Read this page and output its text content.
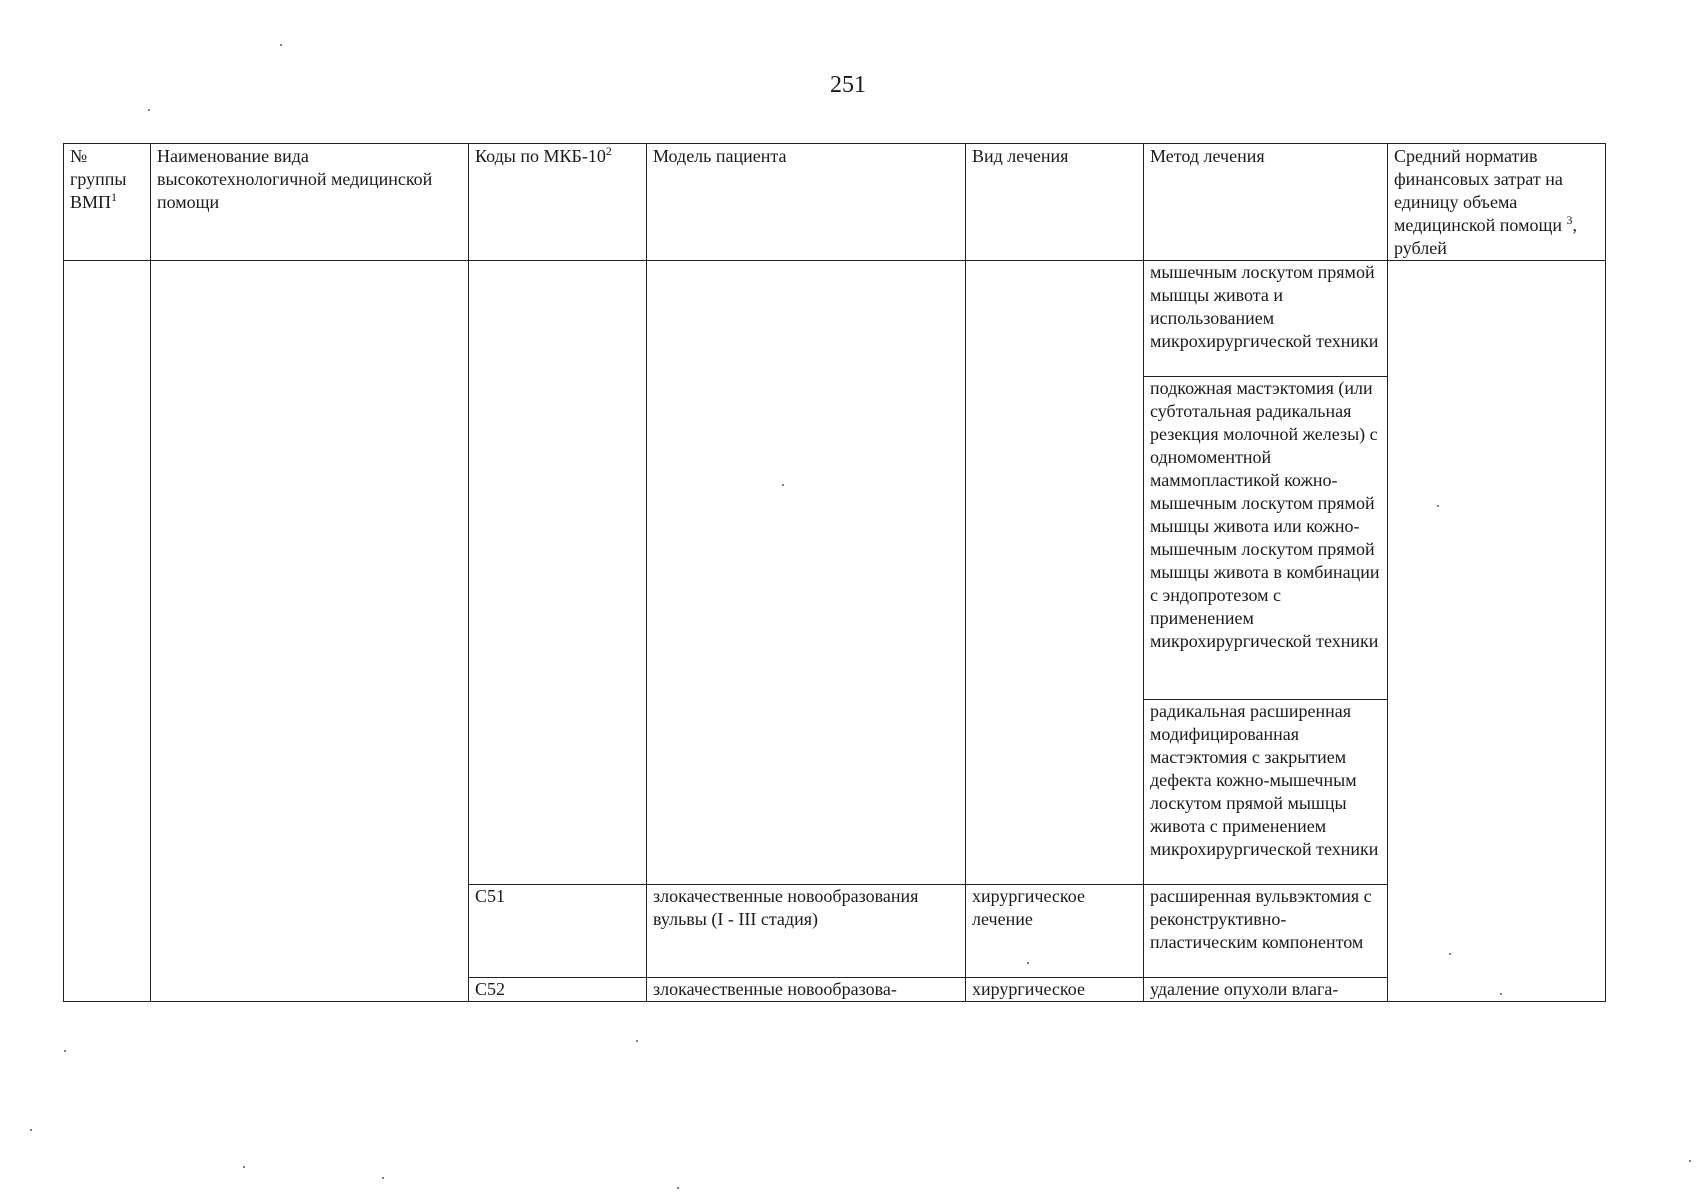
251
№ группы ВМП$^1$	Наименование вида высокотехнологичной медицинской помощи	Коды по МКБ-$10^2$	Модель пациента	Вид лечения	Метод лечения	Средний норматив финансовых затрат на единицу объема медицинской помощи $^3$, рублей
					мышечным лоскутом прямой мышцы живота и использованием микрохирургической техники	
					подкожная мастэктомия (или субтотальная радикальная резекция молочной железы) с одномоментной маммопластикой кожно-мышечным лоскутом прямой мышцы живота или кожно-мышечным лоскутом прямой мышцы живота в комбинации с эндопротезом с применением микрохирургической техники	
					радикальная расширенная модифицированная мастэктомия с закрытием дефекта кожно-мышечным лоскутом прямой мышцы живота с применением микрохирургической техники	
		C51	злокачественные новообразования вульвы (I - III стадия)	хирургическое лечение	расширенная вульвэктомия с реконструктивно-пластическим компонентом	
		C52	злокачественные новообразова-	хирургическое	удаление опухоли влага-	
